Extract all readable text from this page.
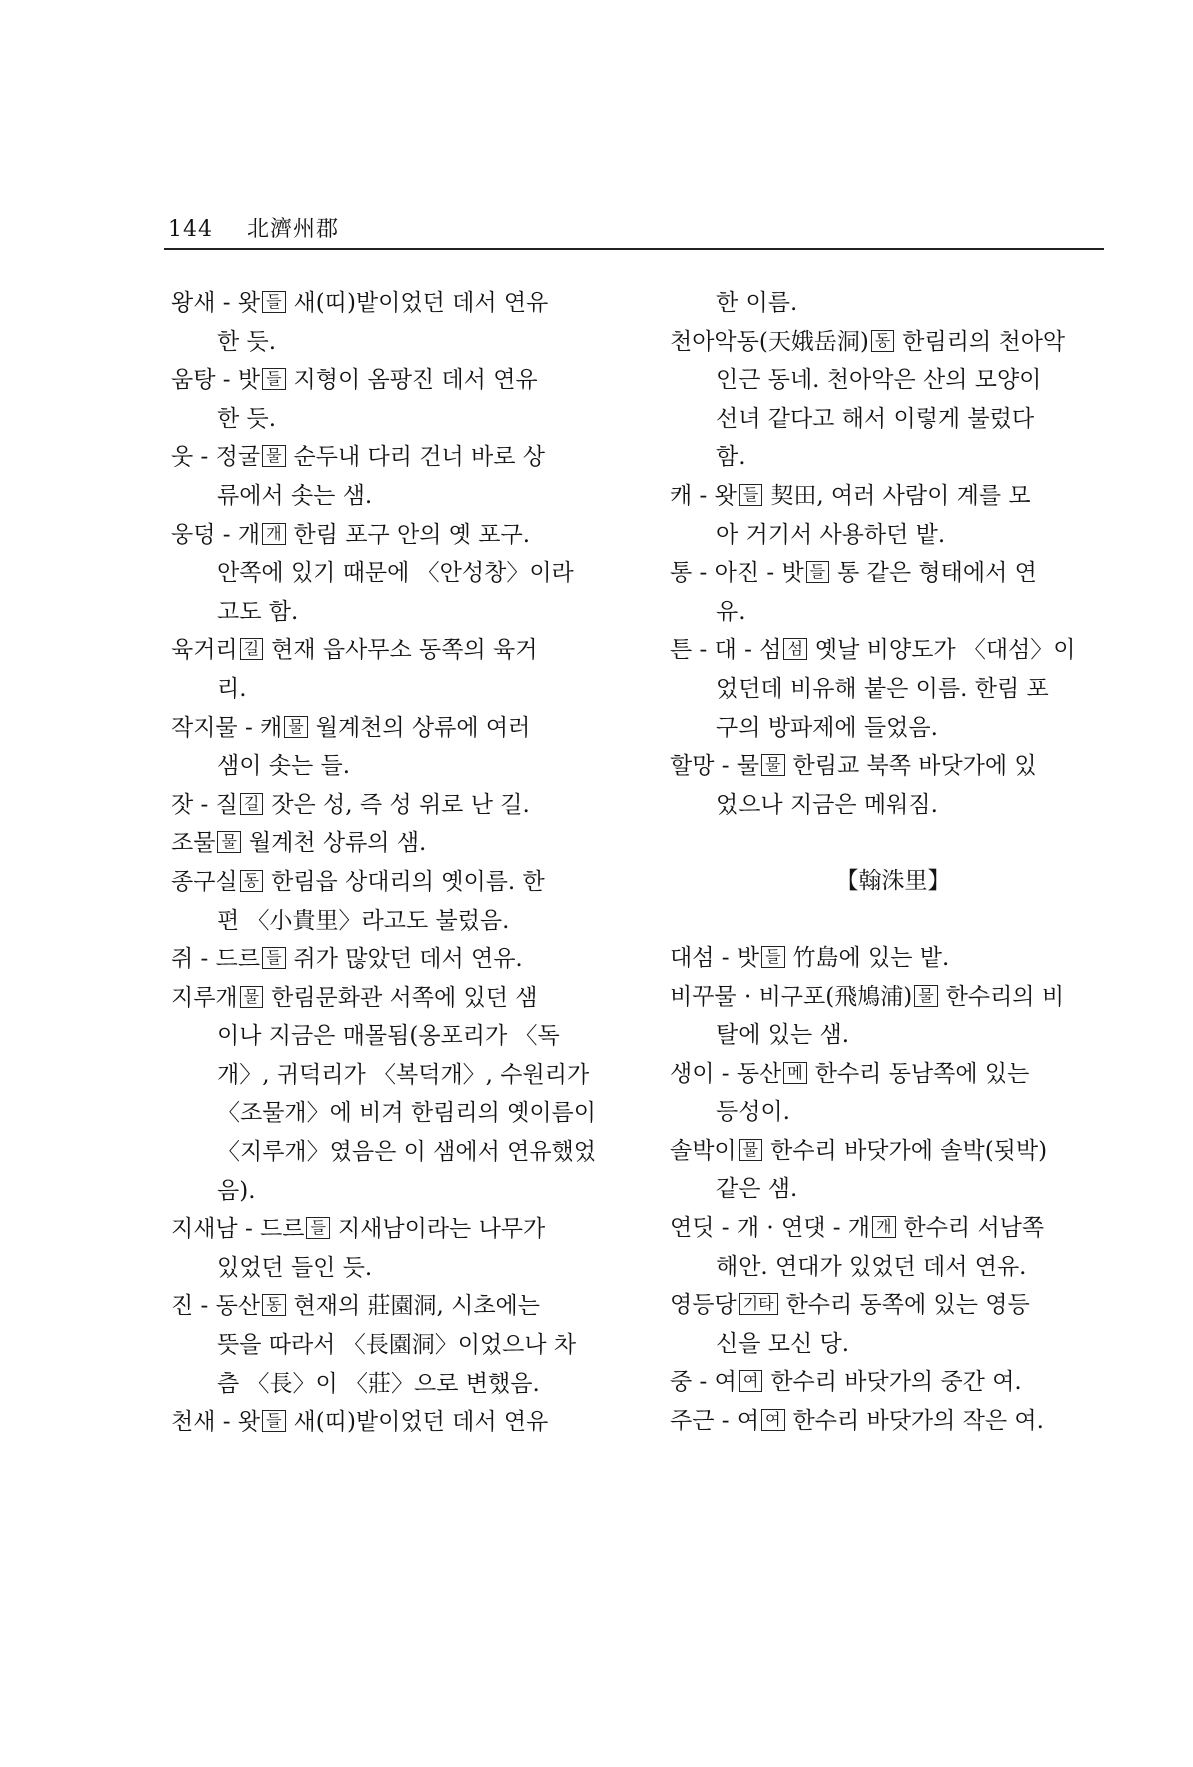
144 北濟州郡
왕새 - 왓 들 새(띠)밭이었던 데서 연유
한 듯.
움탕 - 밧 들 지형이 옴팡진 데서 연유
한 듯.
웃 - 정굴 물 순두내 다리 건너 바로 상
류에서 솟는 샘.
웅덩 - 개 개 한림 포구 안의 옛 포구.
안쪽에 있기 때문에 〈안성창〉이라
고도 함.
육거리 길 현재 읍사무소 동쪽의 육거
리.
작지물 - 캐 물 월계천의 상류에 여러
샘이 솟는 들.
잣 - 질 길 잣은 성, 즉 성 위로 난 길.
조물 물 월계천 상류의 샘.
종구실 동 한림읍 상대리의 옛이름. 한
편 〈小貴里〉라고도 불렀음.
쥐 - 드르 들 쥐가 많았던 데서 연유.
지루개 물 한림문화관 서쪽에 있던 샘
이나 지금은 매몰됨(옹포리가 〈독
개〉, 귀덕리가 〈복덕개〉, 수원리가
〈조물개〉에 비겨 한림리의 옛이름이
〈지루개〉였음은 이 샘에서 연유했었
음).
지새남 - 드르 들 지새남이라는 나무가
있었던 들인 듯.
진 - 동산 동 현재의 莊園洞, 시초에는
뜻을 따라서 〈長園洞〉이었으나 차
츰 〈長〉이 〈莊〉으로 변했음.
천새 - 왓 들 새(띠)밭이었던 데서 연유
한 이름.
천아악동(天娥岳洞) 동 한림리의 천아악
인근 동네. 천아악은 산의 모양이
선녀 같다고 해서 이렇게 불렀다
함.
캐 - 왓 들 契田, 여러 사람이 계를 모
아 거기서 사용하던 밭.
통 - 아진 - 밧 들 통 같은 형태에서 연
유.
튼 - 대 - 섬 섬 옛날 비양도가 〈대섬〉이
었던데 비유해 붙은 이름. 한림 포
구의 방파제에 들었음.
할망 - 물 물 한림교 북쪽 바닷가에 있
었으나 지금은 메워짐.
【翰洙里】
대섬 - 밧 들 竹島에 있는 밭.
비꾸물 · 비구포(飛鳩浦) 물 한수리의 비
탈에 있는 샘.
생이 - 동산 메 한수리 동남쪽에 있는
등성이.
솔박이 물 한수리 바닷가에 솔박(됫박)
같은 샘.
연딧 - 개 · 연댓 - 개 개 한수리 서남쪽
해안. 연대가 있었던 데서 연유.
영등당 기타 한수리 동쪽에 있는 영등
신을 모신 당.
중 - 여 여 한수리 바닷가의 중간 여.
주근 - 여 여 한수리 바닷가의 작은 여.
